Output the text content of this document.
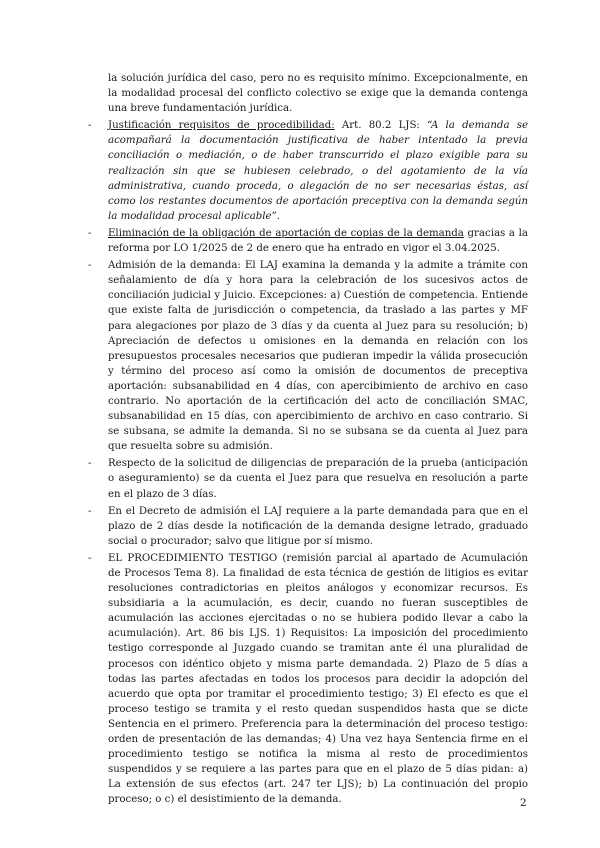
la solución jurídica del caso, pero no es requisito mínimo. Excepcionalmente, en la modalidad procesal del conflicto colectivo se exige que la demanda contenga una breve fundamentación jurídica.

-	Justificación requisitos de procedibilidad: Art. 80.2 LJS: “A la demanda se acompañará la documentación justificativa de haber intentado la previa conciliación o mediación, o de haber transcurrido el plazo exigible para su realización sin que se hubiesen celebrado, o del agotamiento de la vía administrativa, cuando proceda, o alegación de no ser necesarias éstas, así como los restantes documentos de aportación preceptiva con la demanda según la modalidad procesal aplicable”.
-	Eliminación de la obligación de aportación de copias de la demanda gracias a la reforma por LO 1/2025 de 2 de enero que ha entrado en vigor el 3.04.2025.
-	Admisión de la demanda: El LAJ examina la demanda y la admite a trámite con señalamiento de día y hora para la celebración de los sucesivos actos de conciliación judicial y Juicio. Excepciones: a) Cuestión de competencia. Entiende que existe falta de jurisdicción o competencia, da traslado a las partes y MF para alegaciones por plazo de 3 días y da cuenta al Juez para su resolución; b) Apreciación de defectos u omisiones en la demanda en relación con los presupuestos procesales necesarios que pudieran impedir la válida prosecución y término del proceso así como la omisión de documentos de preceptiva aportación: subsanabilidad en 4 días, con apercibimiento de archivo en caso contrario. No aportación de la certificación del acto de conciliación SMAC, subsanabilidad en 15 días, con apercibimiento de archivo en caso contrario. Si se subsana, se admite la demanda. Si no se subsana se da cuenta al Juez para que resuelta sobre su admisión.
-	Respecto de la solicitud de diligencias de preparación de la prueba (anticipación o aseguramiento) se da cuenta el Juez para que resuelva en resolución a parte en el plazo de 3 días.
-	En el Decreto de admisión el LAJ requiere a la parte demandada para que en el plazo de 2 días desde la notificación de la demanda designe letrado, graduado social o procurador; salvo que litigue por sí mismo.
-	EL PROCEDIMIENTO TESTIGO (remisión parcial al apartado de Acumulación de Procesos Tema 8). La finalidad de esta técnica de gestión de litigios es evitar resoluciones contradictorias en pleitos análogos y economizar recursos. Es subsidiaria a la acumulación, es decir, cuando no fueran susceptibles de acumulación las acciones ejercitadas o no se hubiera podido llevar a cabo la acumulación). Art. 86 bis LJS. 1) Requisitos: La imposición del procedimiento testigo corresponde al Juzgado cuando se tramitan ante él una pluralidad de procesos con idéntico objeto y misma parte demandada. 2) Plazo de 5 días a todas las partes afectadas en todos los procesos para decidir la adopción del acuerdo que opta por tramitar el procedimiento testigo; 3) El efecto es que el proceso testigo se tramita y el resto quedan suspendidos hasta que se dicte Sentencia en el primero. Preferencia para la determinación del proceso testigo: orden de presentación de las demandas; 4) Una vez haya Sentencia firme en el procedimiento testigo se notifica la misma al resto de procedimientos suspendidos y se requiere a las partes para que en el plazo de 5 días pidan: a) La extensión de sus efectos (art. 247 ter LJS); b) La continuación del propio proceso; o c) el desistimiento de la demanda.	2
